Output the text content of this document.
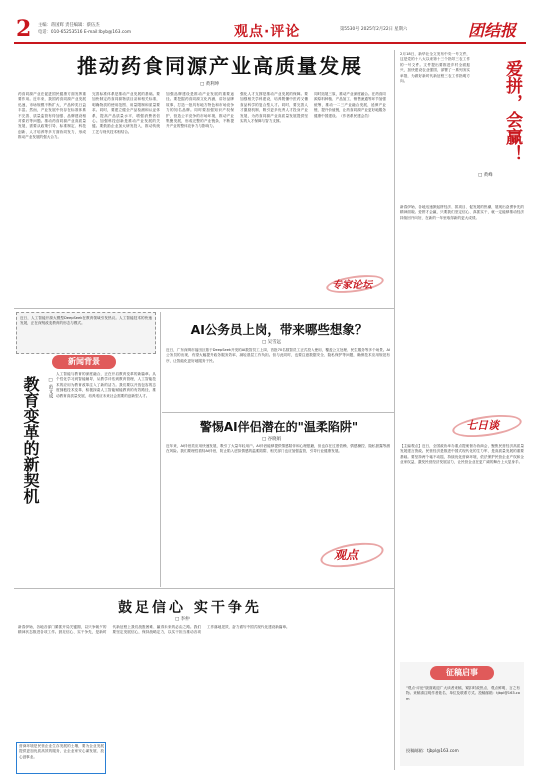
2 主编：蒋国辉 责任编辑：蔡伍杰
电话：010-65253516 E-mail:lbyb@163.com	观点·评论	第5530号 2025年2月22日 星期六	团结报
推动药食同源产业高质量发展
□ 黄利坤
药食同源产业在促进国民健康方面发挥重要作用。近年来，我国药食同源产业发展迅速，市场规模不断扩大，产品种类日益丰富。然而，产业发展中仍存在标准体系不完善、质量监管有待加强、品牌建设相对滞后等问题。推动药食同源产业高质量发展，需要从政策引导、标准制定、科技创新、人才培养等多方面协同发力，形成推动产业发展的强大合力。
完善标准体系是推动产业发展的基础。要加快制定药食同源物质目录和相关标准，明确物质的使用范围、用量限制和质量要求。同时，要建立健全产品检测和认证体系，提高产品质量水平，增强消费者信心。加强科技创新是推动产业发展的关键。要鼓励企业加大研发投入，推动传统工艺与现代技术相结合。
加强品牌建设是推动产业发展的重要途径。要挖掘药食同源文化内涵，讲好品牌故事，打造一批具有地方特色和市场竞争力的知名品牌。同时要加强知识产权保护，营造公平竞争的市场环境，推动产业集聚发展，形成完整的产业链条，不断提升产业的整体竞争力与影响力。
强化人才支撑是推动产业发展的保障。要加强相关学科建设，培养既懂中医药又懂食品科学的复合型人才。同时，要完善人才激励机制，吸引更多优秀人才投身产业发展，为药食同源产业高质量发展提供坚实的人才保障与智力支撑。
同时拓展三原，推动产业深度融合。在药食同源原料种植、产品加工、销售流通等环节加强统筹，推动一二三产业融合发展，延伸产业链、提升价值链，让药食同源产业更好地服务健康中国建设。（作者系民建会员）
专家论坛
2月18日，新华社全文发布中央一号文件，这是党的十八大以来第十三个指导三农工作的一号文件。文件提出要推进乡村全面振兴，加快建设农业强国，部署了一系列务实举措，为做好新时代新征程三农工作指明方向。	爱拼，会赢！
□ 黄峰
新春伊始，各地迅速掀起拼经济、抓项目、促发展的热潮，展现出奋勇争先的精神面貌。爱拼才会赢，只要我们坚定信心、真抓实干，就一定能够推动经济持续回升向好，在新的一年里取得新的更大成绩。
近日，人工智能开源大模型DeepSeek在教育领域引发热议。人工智能技术的快速发展，正在深刻改变教育的形态与模式。
新闻背景
教育变革的新契机	□ 范文成
人工智能与教育的深度融合，正在开启教育变革的新篇章。从个性化学习到智能辅导，从教学评估到教育管理，人工智能技术的应用为教育改革注入了新的活力。我们要以开放包容的态度拥抱技术变革，积极探索人工智能赋能教育的有效路径，推动教育高质量发展，培养适应未来社会需要的创新型人才。
AI公务员上岗，带来哪些想象？
□ 吴雪远
近日，广东深圳市福田区基于DeepSeek开发的AI数智员工上岗，首批70名数智员工正式投入使用，覆盖公文处理、民生服务等多个场景。AI公务员的出现，有望大幅提升政务服务效率，减轻基层工作负担。但与此同时，也要注意数据安全、隐私保护等问题，确保技术应用规范有序，让智能化更好地服务于民。
警惕AI伴侣潜在的"温柔陷阱"
□ 谷晓娟
近年来，AI伴侣类应用快速发展，吸引了大量年轻用户。AI伴侣能够提供情感陪伴和心理慰藉，但也存在过度依赖、情感操控、隐私泄露等潜在风险。我们要理性看待AI伴侣，防止陷入虚拟情感的温柔陷阱，相关部门也应加强监管，引导行业健康发展。
观点
七日谈
【主编观点】近日，全国政协举办重点提案督办协商会，聚焦民营经济高质量发展建言资政。民营经济是推进中国式现代化的生力军，是高质量发展的重要基础。要坚持两个毫不动摇，持续优化营商环境，依法保护民营企业产权和企业家权益，激发民营经济发展活力，让民营企业在更广阔的舞台上大显身手。
鼓足信心 实干争先
□ 李仲
新春伊始，各地各部门紧抓开局关键期，以只争朝夕的精神状态推进各项工作。鼓足信心、实干争先，是新时代新征程上我们战胜困难、赢得未来的必由之路。我们要坚定发展信心，保持战略定力，以实干担当推动各项工作落地见效，奋力谱写中国式现代化建设新篇章。
营商环境是民营企业生存发展的土壤，要为企业发展提供更加优质高效的服务，让企业家安心谋发展、放心创事业。
征稿启事
"观点·评论"版面欢迎广大读者来稿，紧扣时政热点，观点鲜明，言之有物。来稿请注明作者姓名、单位及联系方式。投稿邮箱：tjbpl@163.com
投稿邮箱：tjbpl@163.com
